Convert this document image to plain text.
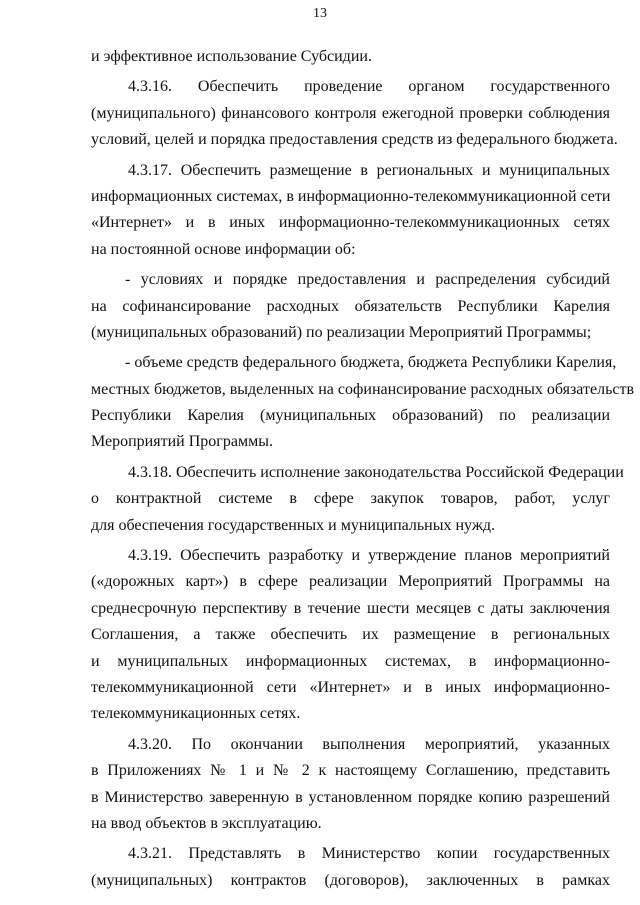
13
и эффективное использование Субсидии.
4.3.16. Обеспечить проведение органом государственного
(муниципального) финансового контроля ежегодной проверки соблюдения
условий, целей и порядка предоставления средств из федерального бюджета.
4.3.17. Обеспечить размещение в региональных и муниципальных
информационных системах, в информационно-телекоммуникационной сети
«Интернет» и в иных информационно-телекоммуникационных сетях
на постоянной основе информации об:
- условиях и порядке предоставления и распределения субсидий
на софинансирование расходных обязательств Республики Карелия
(муниципальных образований) по реализации Мероприятий Программы;
- объеме средств федерального бюджета, бюджета Республики Карелия,
местных бюджетов, выделенных на софинансирование расходных обязательств
Республики Карелия (муниципальных образований) по реализации
Мероприятий Программы.
4.3.18. Обеспечить исполнение законодательства Российской Федерации
о контрактной системе в сфере закупок товаров, работ, услуг
для обеспечения государственных и муниципальных нужд.
4.3.19. Обеспечить разработку и утверждение планов мероприятий
(«дорожных карт») в сфере реализации Мероприятий Программы на
среднесрочную перспективу в течение шести месяцев с даты заключения
Соглашения, а также обеспечить их размещение в региональных
и муниципальных информационных системах, в информационно-
телекоммуникационной сети «Интернет» и в иных информационно-
телекоммуникационных сетях.
4.3.20. По окончании выполнения мероприятий, указанных
в Приложениях № 1 и № 2 к настоящему Соглашению, представить
в Министерство заверенную в установленном порядке копию разрешений
на ввод объектов в эксплуатацию.
4.3.21. Представлять в Министерство копии государственных
(муниципальных) контрактов (договоров), заключенных в рамках
